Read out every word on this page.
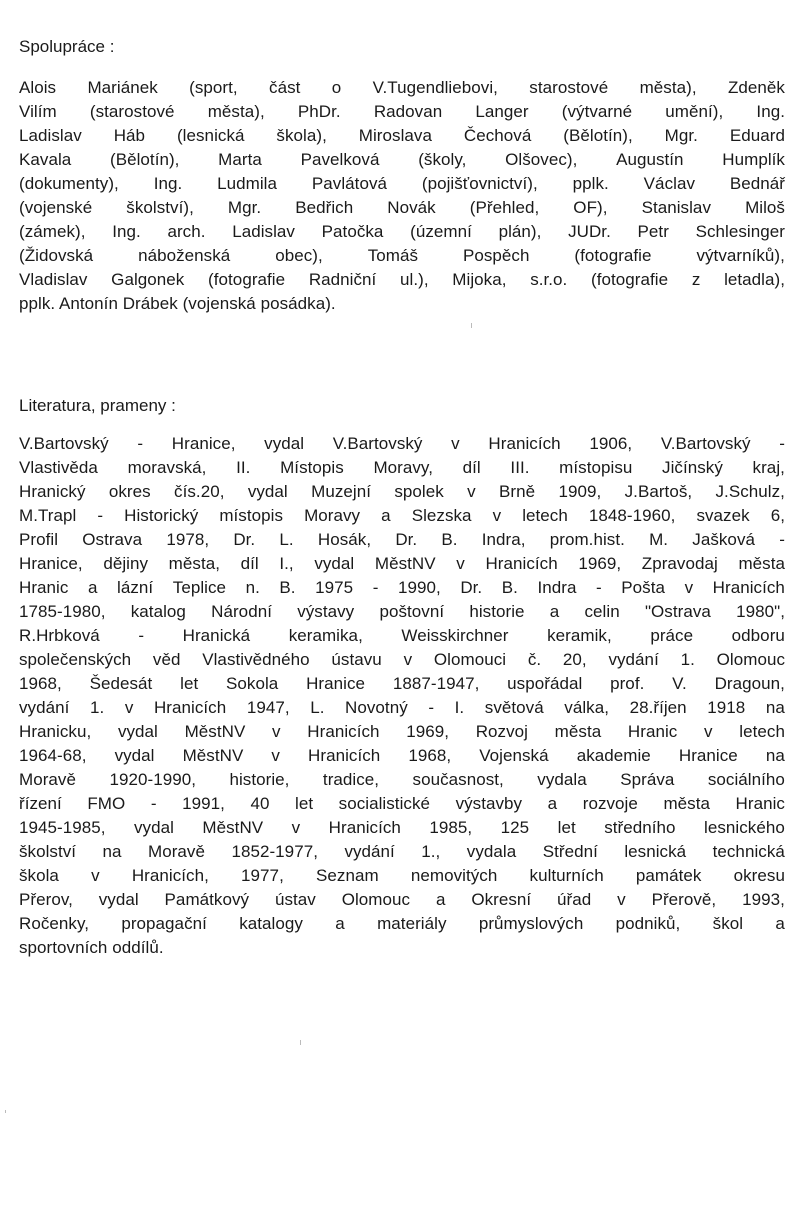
Spolupráce :
Alois Mariánek (sport, část o V.Tugendliebovi, starostové města), Zdeněk
Vilím (starostové města), PhDr. Radovan Langer (výtvarné umění), Ing.
Ladislav Háb (lesnická škola), Miroslava Čechová (Bělotín), Mgr. Eduard
Kavala (Bělotín), Marta Pavelková (školy, Olšovec), Augustín Humplík
(dokumenty), Ing. Ludmila Pavlátová (pojišťovnictví), pplk. Václav Bednář
(vojenské školství), Mgr. Bedřich Novák (Přehled, OF), Stanislav Miloš
(zámek), Ing. arch. Ladislav Patočka (územní plán), JUDr. Petr Schlesinger
(Židovská	náboženská	obec),	Tomáš	Pospěch	(fotografie	výtvarníků),
Vladislav Galgonek (fotografie Radniční ul.), Mijoka, s.r.o. (fotografie z letadla),
pplk. Antonín Drábek (vojenská posádka).
Literatura, prameny :
V.Bartovský - Hranice, vydal V.Bartovský v Hranicích 1906, V.Bartovský -
Vlastivěda moravská, II. Místopis Moravy, díl III. místopisu Jičínský kraj,
Hranický okres čís.20, vydal Muzejní spolek v Brně 1909, J.Bartoš, J.Schulz,
M.Trapl - Historický místopis Moravy a Slezska v letech 1848-1960, svazek 6,
Profil Ostrava 1978, Dr. L. Hosák, Dr. B. Indra, prom.hist. M. Jašková -
Hranice, dějiny města, díl I., vydal MěstNV v Hranicích 1969, Zpravodaj města
Hranic a lázní Teplice n. B. 1975 - 1990, Dr. B. Indra - Pošta v Hranicích
1785-1980, katalog Národní výstavy poštovní historie a celin "Ostrava 1980",
R.Hrbková - Hranická keramika, Weisskirchner keramik, práce odboru
společenských věd Vlastivědného ústavu v Olomouci č. 20, vydání 1. Olomouc
1968, Šedesát let Sokola Hranice 1887-1947, uspořádal prof. V. Dragoun,
vydání 1. v Hranicích 1947, L. Novotný - I. světová válka, 28.říjen 1918 na
Hranicku, vydal MěstNV v Hranicích 1969, Rozvoj města Hranic v letech
1964-68, vydal MěstNV v Hranicích 1968, Vojenská akademie Hranice na
Moravě 1920-1990, historie, tradice, současnost, vydala Správa sociálního
řízení FMO - 1991, 40 let socialistické výstavby a rozvoje města Hranic
1945-1985, vydal MěstNV v Hranicích 1985, 125 let středního lesnického
školství na Moravě 1852-1977, vydání 1., vydala Střední lesnická technická
škola v Hranicích, 1977, Seznam nemovitých kulturních památek okresu
Přerov, vydal Památkový ústav Olomouc a Okresní úřad v Přerově, 1993,
Ročenky, propagační katalogy a materiály průmyslových podniků, škol a
sportovních oddílů.
